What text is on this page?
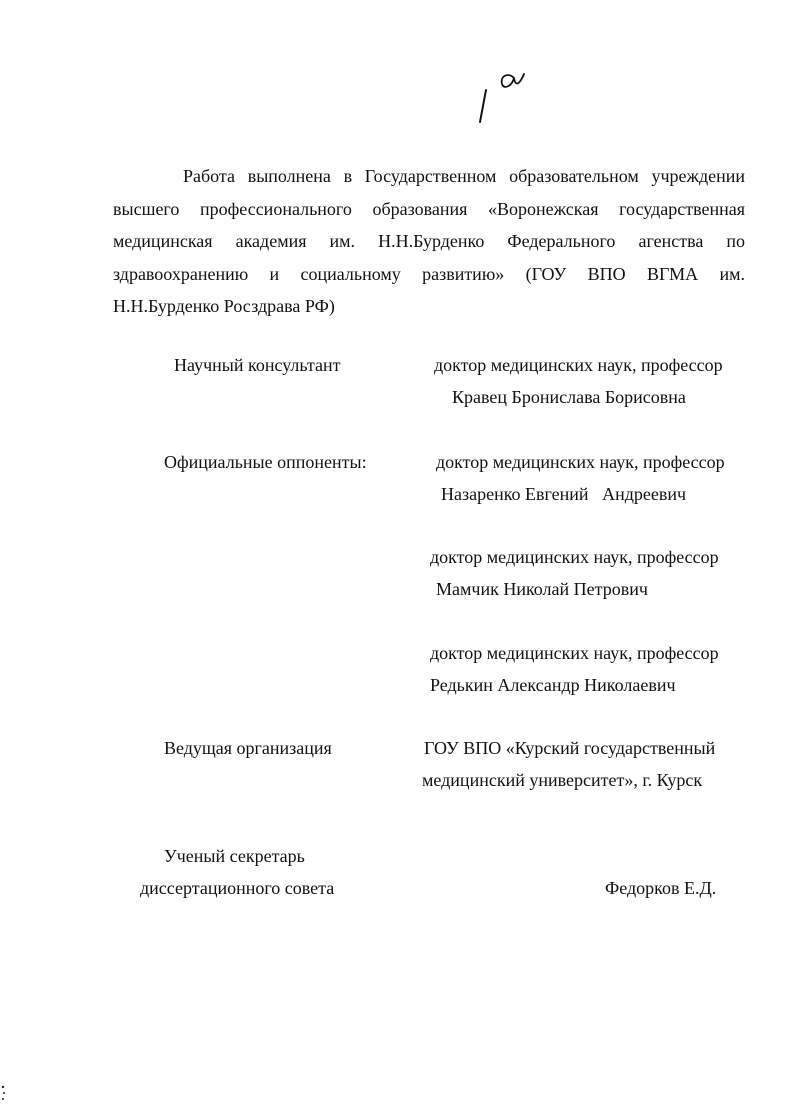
Работа выполнена в Государственном образовательном учреждении
высшего профессионального образования «Воронежская государственная
медицинская академия им. Н.Н.Бурденко Федерального агенства по
здравоохранению и социальному развитию» (ГОУ ВПО ВГМА им.
Н.Н.Бурденко Росздрава РФ)
Научный консультант	доктор медицинских наук, профессор
Кравец Бронислава Борисовна
Официальные оппоненты:	доктор медицинских наук, профессор
Назаренко Евгений   Андреевич
доктор медицинских наук, профессор
Мамчик Николай Петрович
доктор медицинских наук, профессор
Редькин Александр Николаевич
Ведущая организация	ГОУ ВПО «Курский государственный
медицинский университет», г. Курск
Ученый секретарь
диссертационного совета	Федорков Е.Д.
